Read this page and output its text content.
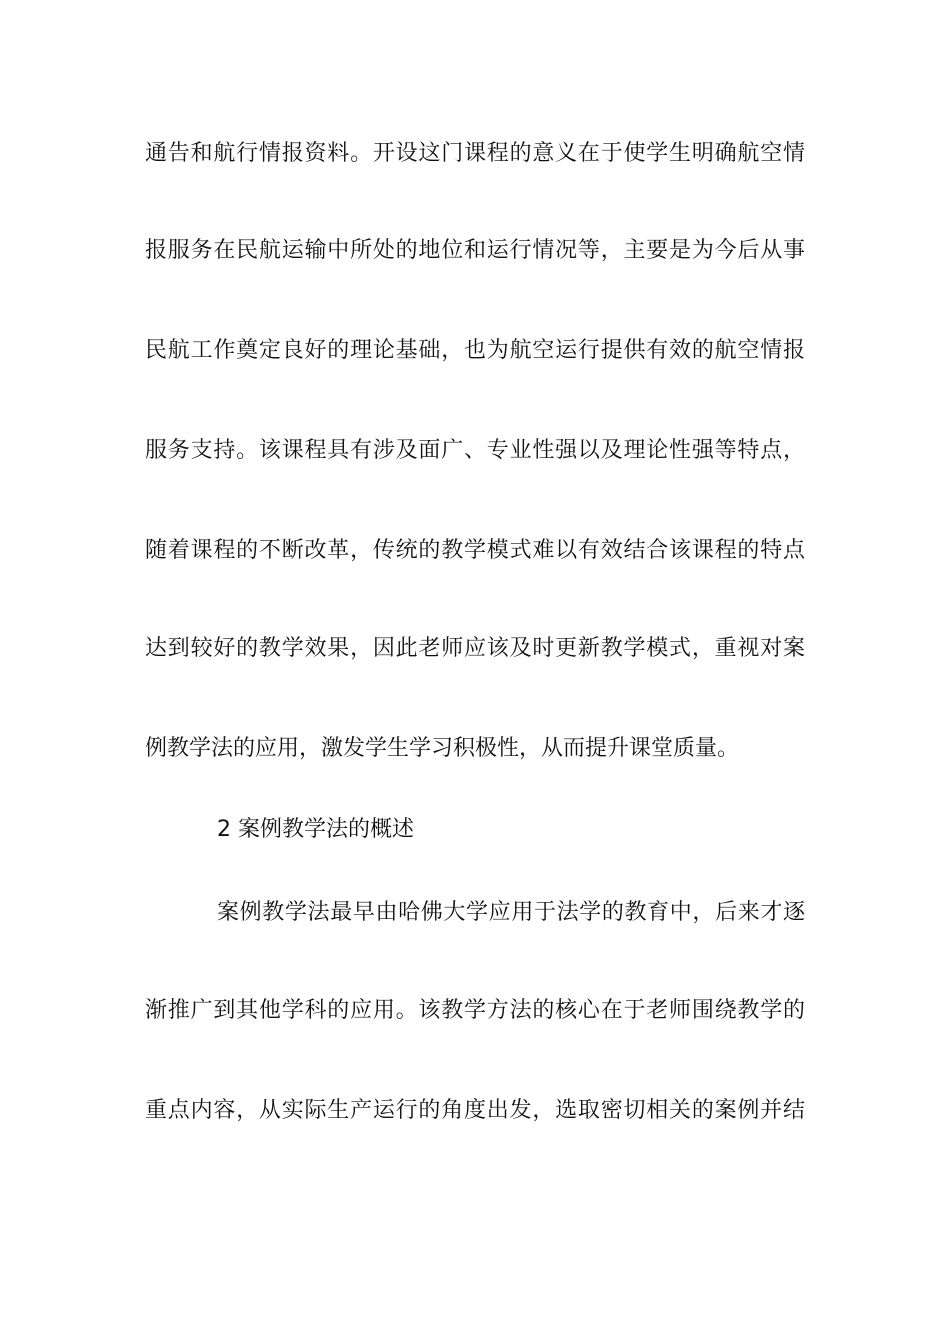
通告和航行情报资料。开设这门课程的意义在于使学生明确航空情
报服务在民航运输中所处的地位和运行情况等，主要是为今后从事
民航工作奠定良好的理论基础，也为航空运行提供有效的航空情报
服务支持。该课程具有涉及面广、专业性强以及理论性强等特点，
随着课程的不断改革，传统的教学模式难以有效结合该课程的特点
达到较好的教学效果，因此老师应该及时更新教学模式，重视对案
例教学法的应用，激发学生学习积极性，从而提升课堂质量。
2 案例教学法的概述
案例教学法最早由哈佛大学应用于法学的教育中，后来才逐
渐推广到其他学科的应用。该教学方法的核心在于老师围绕教学的
重点内容，从实际生产运行的角度出发，选取密切相关的案例并结
